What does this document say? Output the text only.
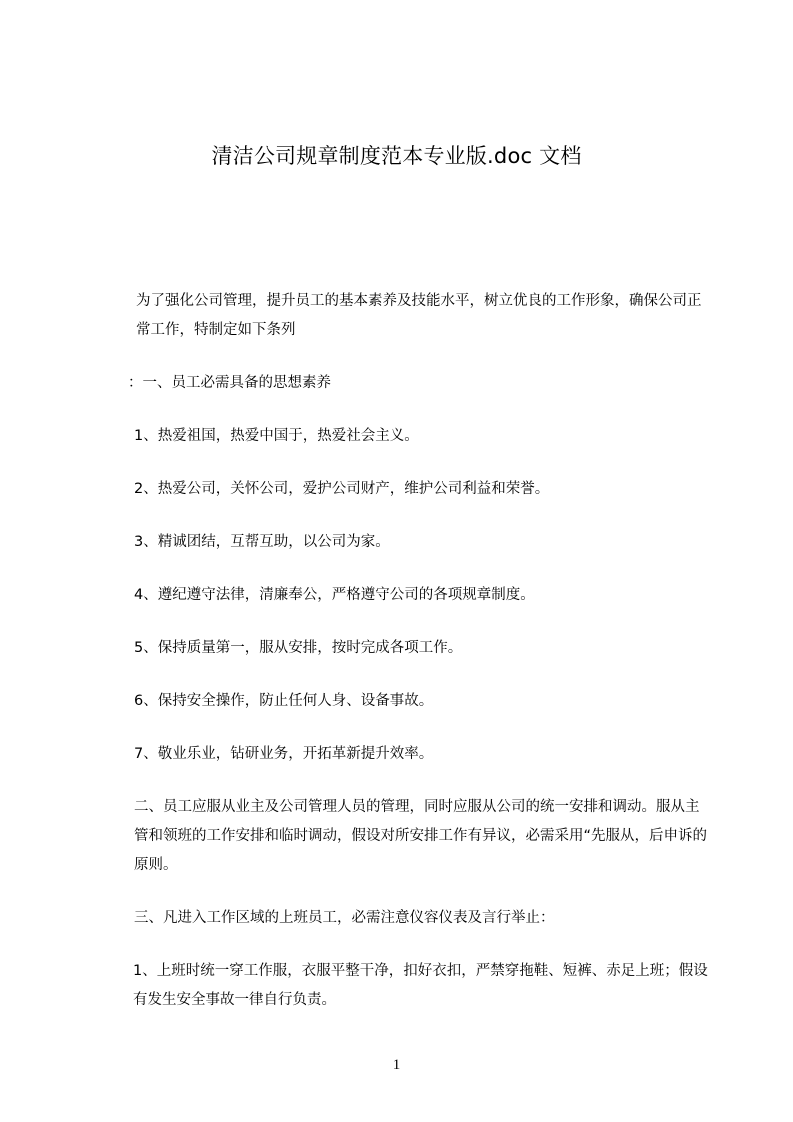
清洁公司规章制度范本专业版.doc 文档

为了强化公司管理，提升员工的基本素养及技能水平，树立优良的工作形象，确保公司正常工作，特制定如下条列

：一、员工必需具备的思想素养

1、热爱祖国，热爱中国于，热爱社会主义。

2、热爱公司，关怀公司，爱护公司财产，维护公司利益和荣誉。

3、精诚团结，互帮互助，以公司为家。

4、遵纪遵守法律，清廉奉公，严格遵守公司的各项规章制度。

5、保持质量第一，服从安排，按时完成各项工作。

6、保持安全操作，防止任何人身、设备事故。

7、敬业乐业，钻研业务，开拓革新提升效率。

二、员工应服从业主及公司管理人员的管理，同时应服从公司的统一安排和调动。服从主管和领班的工作安排和临时调动，假设对所安排工作有异议，必需采用“先服从，后申诉的原则。

三、凡进入工作区域的上班员工，必需注意仪容仪表及言行举止：

1、上班时统一穿工作服，衣服平整干净，扣好衣扣，严禁穿拖鞋、短裤、赤足上班；假设有发生安全事故一律自行负责。

1
